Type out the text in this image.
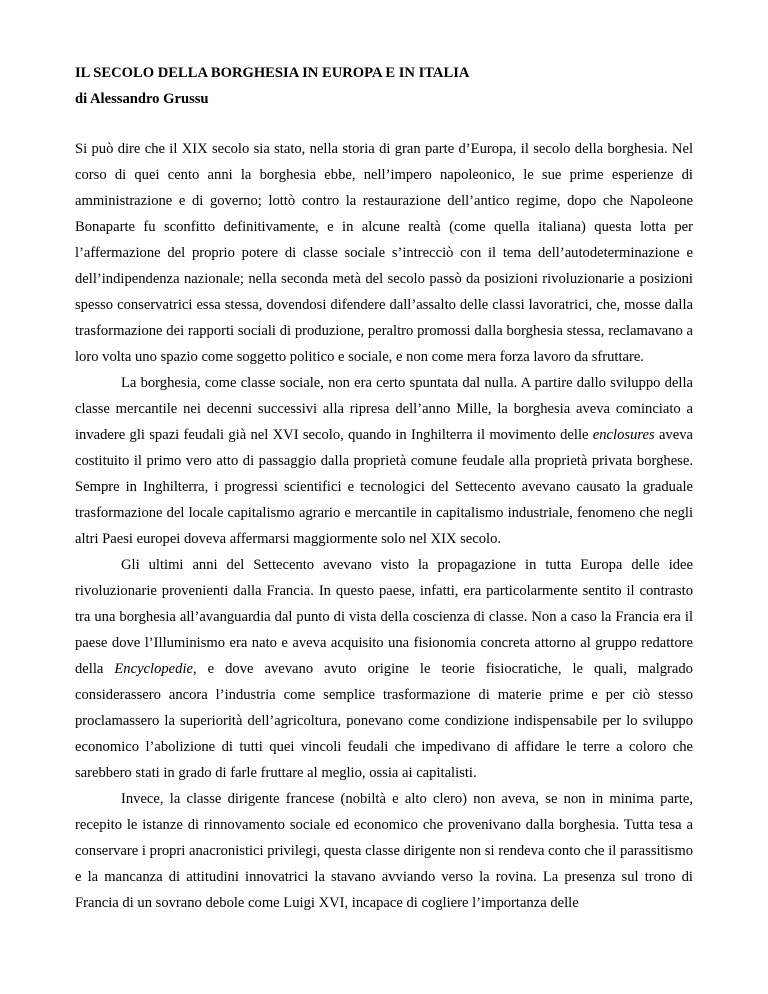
IL SECOLO DELLA BORGHESIA IN EUROPA E IN ITALIA

di Alessandro Grussu

Si può dire che il XIX secolo sia stato, nella storia di gran parte d’Europa, il secolo della borghesia. Nel corso di quei cento anni la borghesia ebbe, nell’impero napoleonico, le sue prime esperienze di amministrazione e di governo; lottò contro la restaurazione dell’antico regime, dopo che Napoleone Bonaparte fu sconfitto definitivamente, e in alcune realtà (come quella italiana) questa lotta per l’affermazione del proprio potere di classe sociale s’intrecciò con il tema dell’autodeterminazione e dell’indipendenza nazionale; nella seconda metà del secolo passò da posizioni rivoluzionarie a posizioni spesso conservatrici essa stessa, dovendosi difendere dall’assalto delle classi lavoratrici, che, mosse dalla trasformazione dei rapporti sociali di produzione, peraltro promossi dalla borghesia stessa, reclamavano a loro volta uno spazio come soggetto politico e sociale, e non come mera forza lavoro da sfruttare.

La borghesia, come classe sociale, non era certo spuntata dal nulla. A partire dallo sviluppo della classe mercantile nei decenni successivi alla ripresa dell’anno Mille, la borghesia aveva cominciato a invadere gli spazi feudali già nel XVI secolo, quando in Inghilterra il movimento delle enclosures aveva costituito il primo vero atto di passaggio dalla proprietà comune feudale alla proprietà privata borghese. Sempre in Inghilterra, i progressi scientifici e tecnologici del Settecento avevano causato la graduale trasformazione del locale capitalismo agrario e mercantile in capitalismo industriale, fenomeno che negli altri Paesi europei doveva affermarsi maggiormente solo nel XIX secolo.

Gli ultimi anni del Settecento avevano visto la propagazione in tutta Europa delle idee rivoluzionarie provenienti dalla Francia. In questo paese, infatti, era particolarmente sentito il contrasto tra una borghesia all’avanguardia dal punto di vista della coscienza di classe. Non a caso la Francia era il paese dove l’Illuminismo era nato e aveva acquisito una fisionomia concreta attorno al gruppo redattore della Encyclopedie, e dove avevano avuto origine le teorie fisiocratiche, le quali, malgrado considerassero ancora l’industria come semplice trasformazione di materie prime e per ciò stesso proclamassero la superiorità dell’agricoltura, ponevano come condizione indispensabile per lo sviluppo economico l’abolizione di tutti quei vincoli feudali che impedivano di affidare le terre a coloro che sarebbero stati in grado di farle fruttare al meglio, ossia ai capitalisti.

Invece, la classe dirigente francese (nobiltà e alto clero) non aveva, se non in minima parte, recepito le istanze di rinnovamento sociale ed economico che provenivano dalla borghesia. Tutta tesa a conservare i propri anacronistici privilegi, questa classe dirigente non si rendeva conto che il parassitismo e la mancanza di attitudini innovatrici la stavano avviando verso la rovina. La presenza sul trono di Francia di un sovrano debole come Luigi XVI, incapace di cogliere l’importanza delle
